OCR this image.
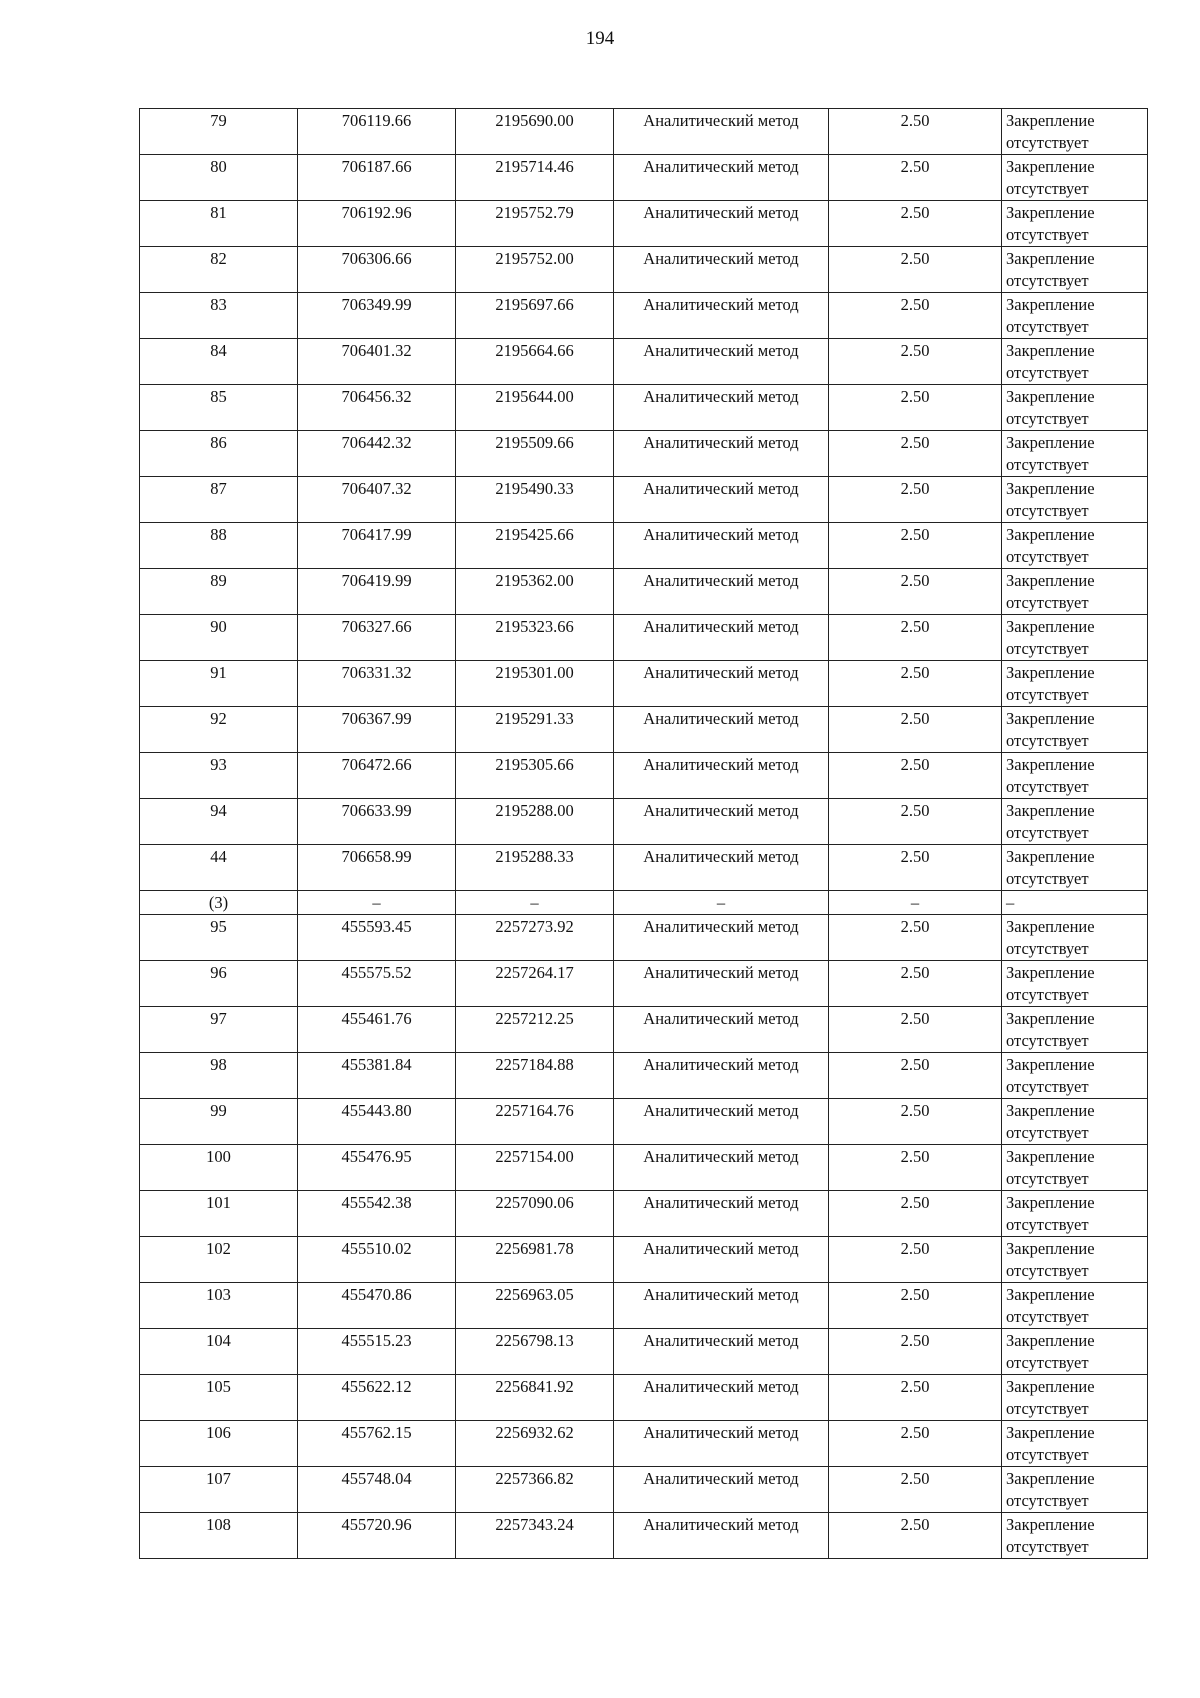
194
79	706119.66	2195690.00	Аналитический метод	2.50	Закрепление отсутствует
80	706187.66	2195714.46	Аналитический метод	2.50	Закрепление отсутствует
81	706192.96	2195752.79	Аналитический метод	2.50	Закрепление отсутствует
82	706306.66	2195752.00	Аналитический метод	2.50	Закрепление отсутствует
83	706349.99	2195697.66	Аналитический метод	2.50	Закрепление отсутствует
84	706401.32	2195664.66	Аналитический метод	2.50	Закрепление отсутствует
85	706456.32	2195644.00	Аналитический метод	2.50	Закрепление отсутствует
86	706442.32	2195509.66	Аналитический метод	2.50	Закрепление отсутствует
87	706407.32	2195490.33	Аналитический метод	2.50	Закрепление отсутствует
88	706417.99	2195425.66	Аналитический метод	2.50	Закрепление отсутствует
89	706419.99	2195362.00	Аналитический метод	2.50	Закрепление отсутствует
90	706327.66	2195323.66	Аналитический метод	2.50	Закрепление отсутствует
91	706331.32	2195301.00	Аналитический метод	2.50	Закрепление отсутствует
92	706367.99	2195291.33	Аналитический метод	2.50	Закрепление отсутствует
93	706472.66	2195305.66	Аналитический метод	2.50	Закрепление отсутствует
94	706633.99	2195288.00	Аналитический метод	2.50	Закрепление отсутствует
44	706658.99	2195288.33	Аналитический метод	2.50	Закрепление отсутствует
(3)	–	–	–	–	–
95	455593.45	2257273.92	Аналитический метод	2.50	Закрепление отсутствует
96	455575.52	2257264.17	Аналитический метод	2.50	Закрепление отсутствует
97	455461.76	2257212.25	Аналитический метод	2.50	Закрепление отсутствует
98	455381.84	2257184.88	Аналитический метод	2.50	Закрепление отсутствует
99	455443.80	2257164.76	Аналитический метод	2.50	Закрепление отсутствует
100	455476.95	2257154.00	Аналитический метод	2.50	Закрепление отсутствует
101	455542.38	2257090.06	Аналитический метод	2.50	Закрепление отсутствует
102	455510.02	2256981.78	Аналитический метод	2.50	Закрепление отсутствует
103	455470.86	2256963.05	Аналитический метод	2.50	Закрепление отсутствует
104	455515.23	2256798.13	Аналитический метод	2.50	Закрепление отсутствует
105	455622.12	2256841.92	Аналитический метод	2.50	Закрепление отсутствует
106	455762.15	2256932.62	Аналитический метод	2.50	Закрепление отсутствует
107	455748.04	2257366.82	Аналитический метод	2.50	Закрепление отсутствует
108	455720.96	2257343.24	Аналитический метод	2.50	Закрепление отсутствует
